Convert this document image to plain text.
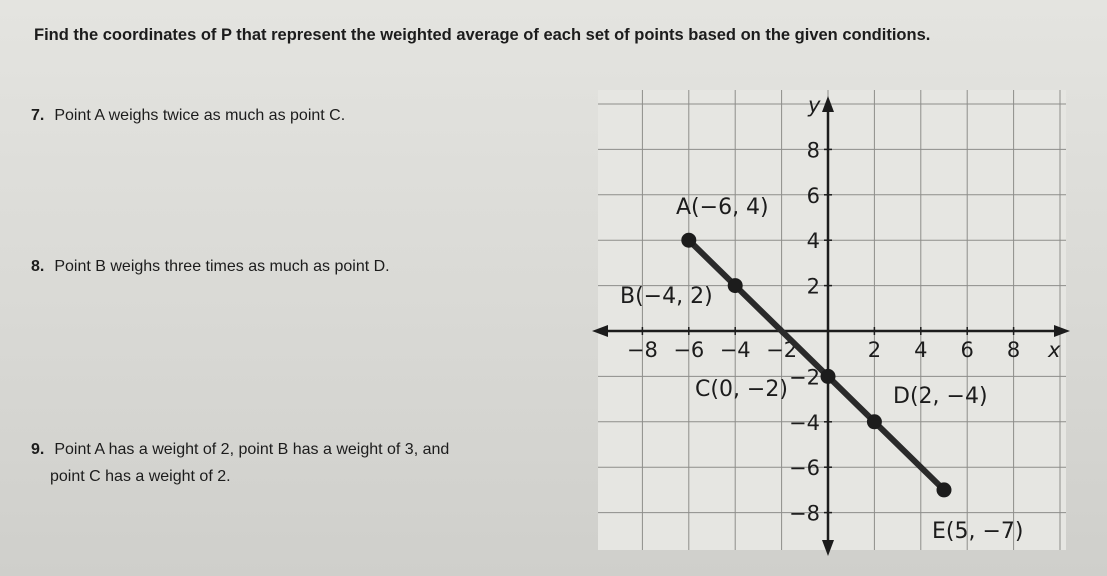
Find the coordinates of P that represent the weighted average of each set of points based on the given conditions.

7. Point A weighs twice as much as point C.

8. Point B weighs three times as much as point D.

9. Point A has a weight of 2, point B has a weight of 3, and
point C has a weight of 2.

x
y
−8 −6 −4 −2	2 4 6 8
8
6
4
2
−2
−4
−6
−8
A(−6, 4)
B(−4, 2)
C(0, −2)	D(2, −4)
E(5, −7)
